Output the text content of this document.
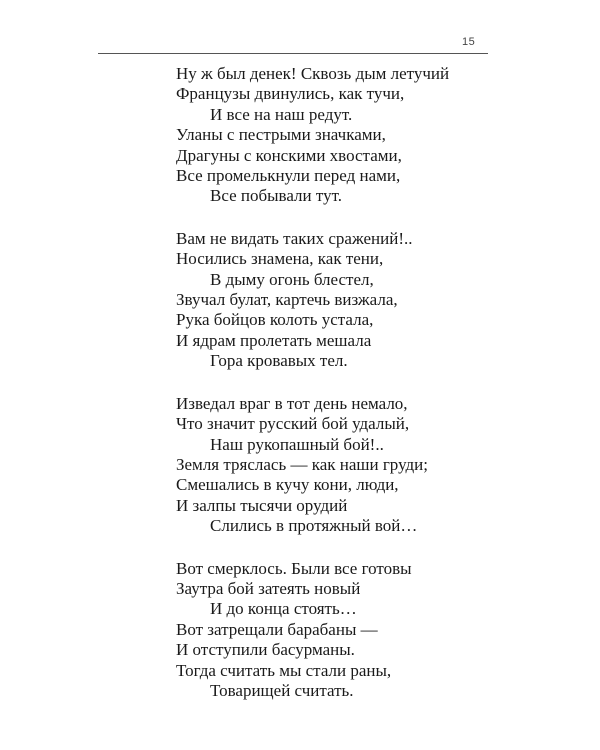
15
Ну ж был денек! Сквозь дым летучий
Французы двинулись, как тучи,
И все на наш редут.
Уланы с пестрыми значками,
Драгуны с конскими хвостами,
Все промелькнули перед нами,
Все побывали тут.
Вам не видать таких сражений!..
Носились знамена, как тени,
В дыму огонь блестел,
Звучал булат, картечь визжала,
Рука бойцов колоть устала,
И ядрам пролетать мешала
Гора кровавых тел.
Изведал враг в тот день немало,
Что значит русский бой удалый,
Наш рукопашный бой!..
Земля тряслась — как наши груди;
Смешались в кучу кони, люди,
И залпы тысячи орудий
Слились в протяжный вой…
Вот смерклось. Были все готовы
Заутра бой затеять новый
И до конца стоять…
Вот затрещали барабаны —
И отступили басурманы.
Тогда считать мы стали раны,
Товарищей считать.
